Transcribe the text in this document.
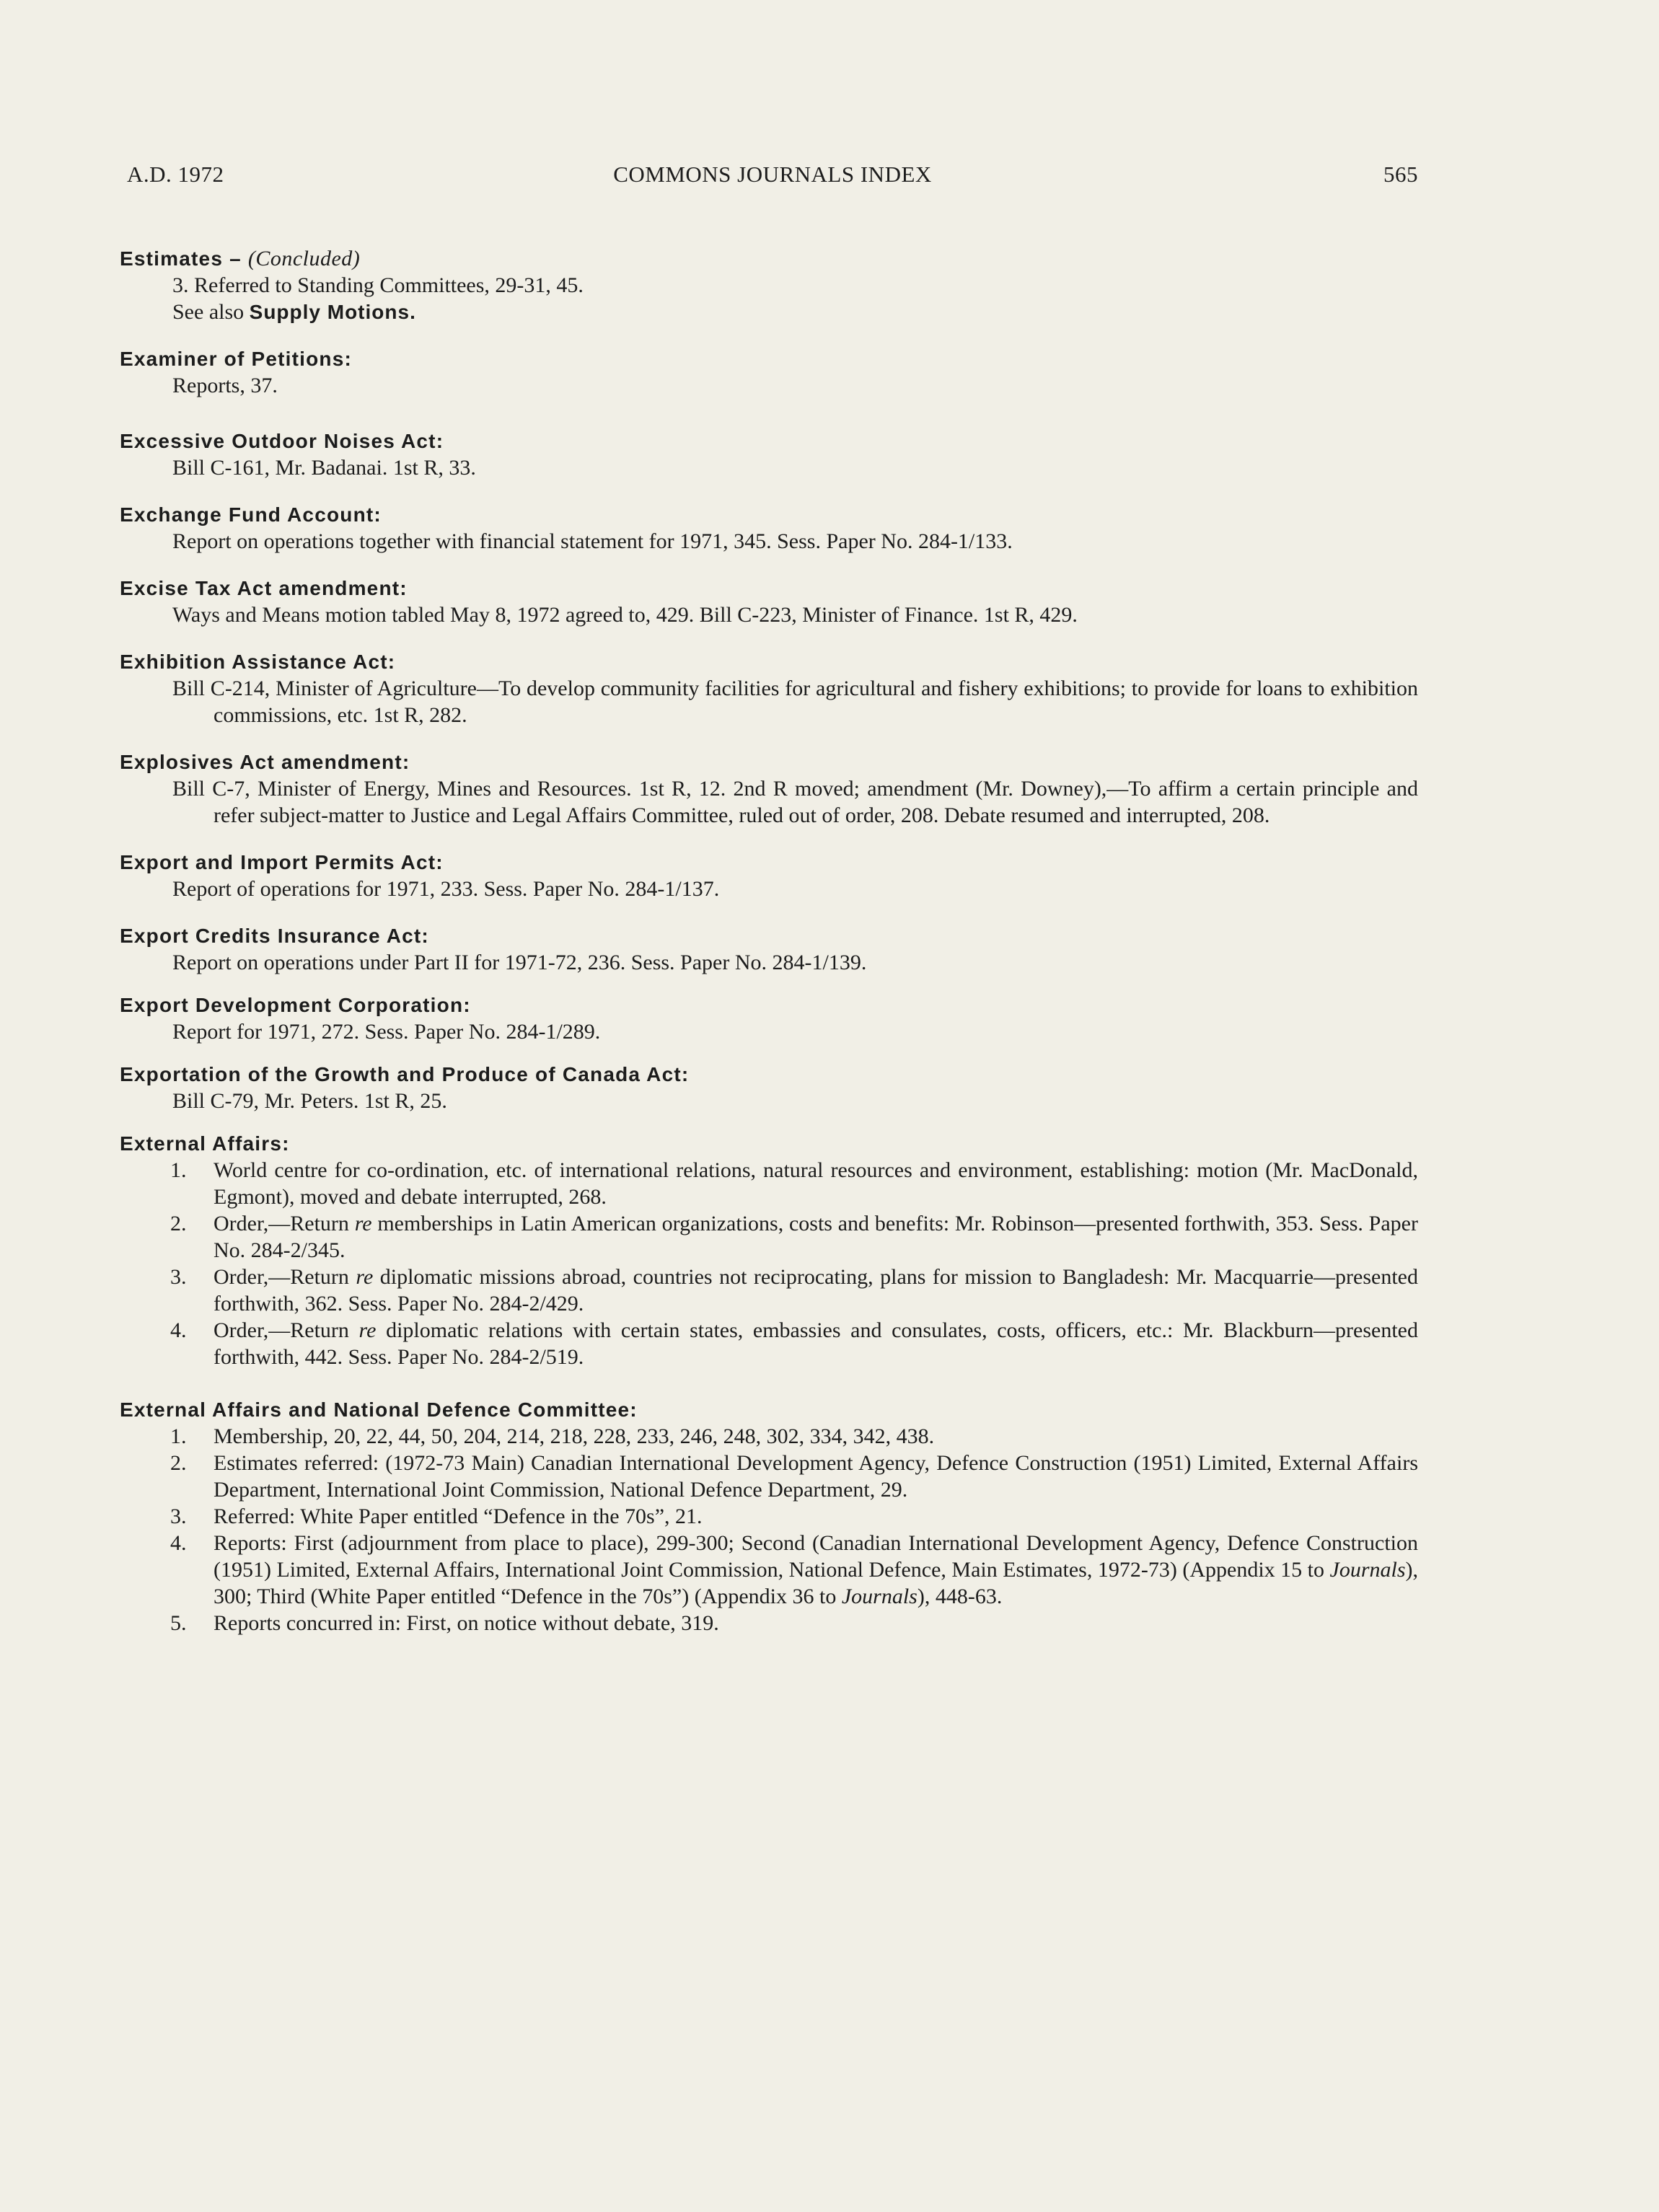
A.D. 1972	COMMONS JOURNALS INDEX	565
Estimates – (Concluded)
3. Referred to Standing Committees, 29-31, 45.
See also Supply Motions.
Examiner of Petitions:
Reports, 37.
Excessive Outdoor Noises Act:
Bill C-161, Mr. Badanai. 1st R, 33.
Exchange Fund Account:
Report on operations together with financial statement for 1971, 345. Sess. Paper No. 284-1/133.
Excise Tax Act amendment:
Ways and Means motion tabled May 8, 1972 agreed to, 429. Bill C-223, Minister of Finance. 1st R, 429.
Exhibition Assistance Act:
Bill C-214, Minister of Agriculture—To develop community facilities for agricultural and fishery exhibitions; to provide for loans to exhibition commissions, etc. 1st R, 282.
Explosives Act amendment:
Bill C-7, Minister of Energy, Mines and Resources. 1st R, 12. 2nd R moved; amendment (Mr. Downey),—To affirm a certain principle and refer subject-matter to Justice and Legal Affairs Committee, ruled out of order, 208. Debate resumed and interrupted, 208.
Export and Import Permits Act:
Report of operations for 1971, 233. Sess. Paper No. 284-1/137.
Export Credits Insurance Act:
Report on operations under Part II for 1971-72, 236. Sess. Paper No. 284-1/139.
Export Development Corporation:
Report for 1971, 272. Sess. Paper No. 284-1/289.
Exportation of the Growth and Produce of Canada Act:
Bill C-79, Mr. Peters. 1st R, 25.
External Affairs:
1. World centre for co-ordination, etc. of international relations, natural resources and environment, establishing: motion (Mr. MacDonald, Egmont), moved and debate interrupted, 268.
2. Order,—Return re memberships in Latin American organizations, costs and benefits: Mr. Robinson—presented forthwith, 353. Sess. Paper No. 284-2/345.
3. Order,—Return re diplomatic missions abroad, countries not reciprocating, plans for mission to Bangladesh: Mr. Macquarrie—presented forthwith, 362. Sess. Paper No. 284-2/429.
4. Order,—Return re diplomatic relations with certain states, embassies and consulates, costs, officers, etc.: Mr. Blackburn—presented forthwith, 442. Sess. Paper No. 284-2/519.
External Affairs and National Defence Committee:
1. Membership, 20, 22, 44, 50, 204, 214, 218, 228, 233, 246, 248, 302, 334, 342, 438.
2. Estimates referred: (1972-73 Main) Canadian International Development Agency, Defence Construction (1951) Limited, External Affairs Department, International Joint Commission, National Defence Department, 29.
3. Referred: White Paper entitled “Defence in the 70s”, 21.
4. Reports: First (adjournment from place to place), 299-300; Second (Canadian International Development Agency, Defence Construction (1951) Limited, External Affairs, International Joint Commission, National Defence, Main Estimates, 1972-73) (Appendix 15 to Journals), 300; Third (White Paper entitled “Defence in the 70s”) (Appendix 36 to Journals), 448-63.
5. Reports concurred in: First, on notice without debate, 319.
